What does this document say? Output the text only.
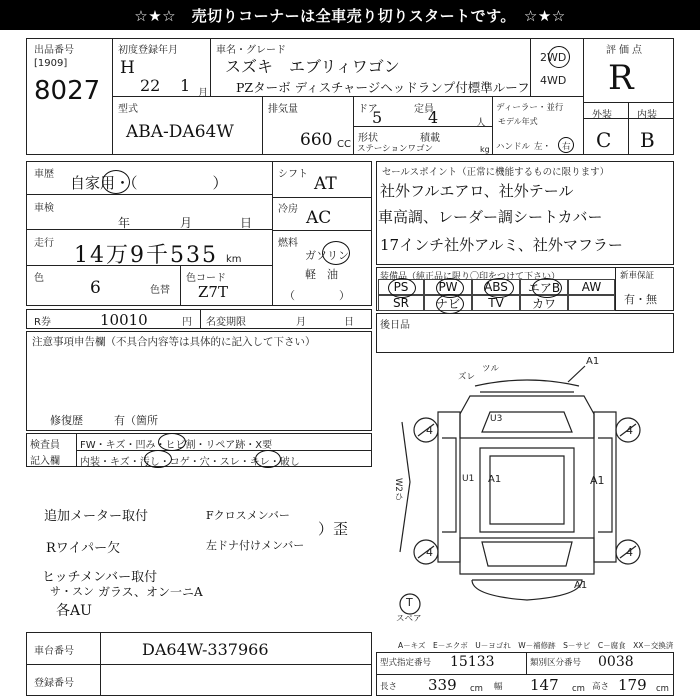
☆★☆　売切りコーナーは全車売り切りスタートです。　☆★☆
出品番号
[1909]
8027
初度登録年月
H
22 1 月
車名・グレード
スズキ　エブリィワゴン
PZターボ ディスチャージヘッドランプ付標準ルーフ
2WD
4WD
評価点
R
型式
ABA-DA64W
排気量
660 CC
ドア
5	定員
4	人
形状	積載
ステーションワゴン	kg
ディーラー・並行
モデル年式
ハンドル 左・ 右
外装	内装
C B
車歴 自家用・（　　　　　）
車検
年	月	日
走行 14万9千535 km
色	6	色替
色コード
Z7T
シフト AT
冷房 AC
燃料
ガソリン
軽　油
（　　　　）
R券	10010	円 名変期限	月	日
セールスポイント（正常に機能するものに限ります）
社外フルエアロ、社外テール
車高調、レーダー調シートカバー
17インチ社外アルミ、社外マフラー
装備品（純正品に限り〇印をつけて下さい）	新車保証
有・無
PS	PW	ABS	エアB	AW
SR	ナビ	TV	カワ
後日品
注意事項申告欄（不具合内容等は具体的に記入して下さい）
修復歴	有（箇所
検査員
記入欄
FW・キズ・凹み・ヒビ割・リペア跡・X要
内装・キズ・汚し・コゲ・穴・スレ・キレ・破し
追加メーター取付
Rワイパー欠
ヒッチメンバー取付
Fクロスメンバー
左ドナ付けメンバー
サ・スン ガラス、オン一ニA
各AU
）歪
A1
A1
A1
A1
U1
U3
4	4
4	4
T
スペア
ズレ
ツル
W2ひ
A－キズ　E－エクボ　U－ヨゴれ　W－補修跡　S－サビ　C－腐食　XX－交換済
車台番号	DA64W-337966
登録番号
型式指定番号 15133	類別区分番号 0038
長さ 339 cm 幅 147 cm 高さ 179 cm
